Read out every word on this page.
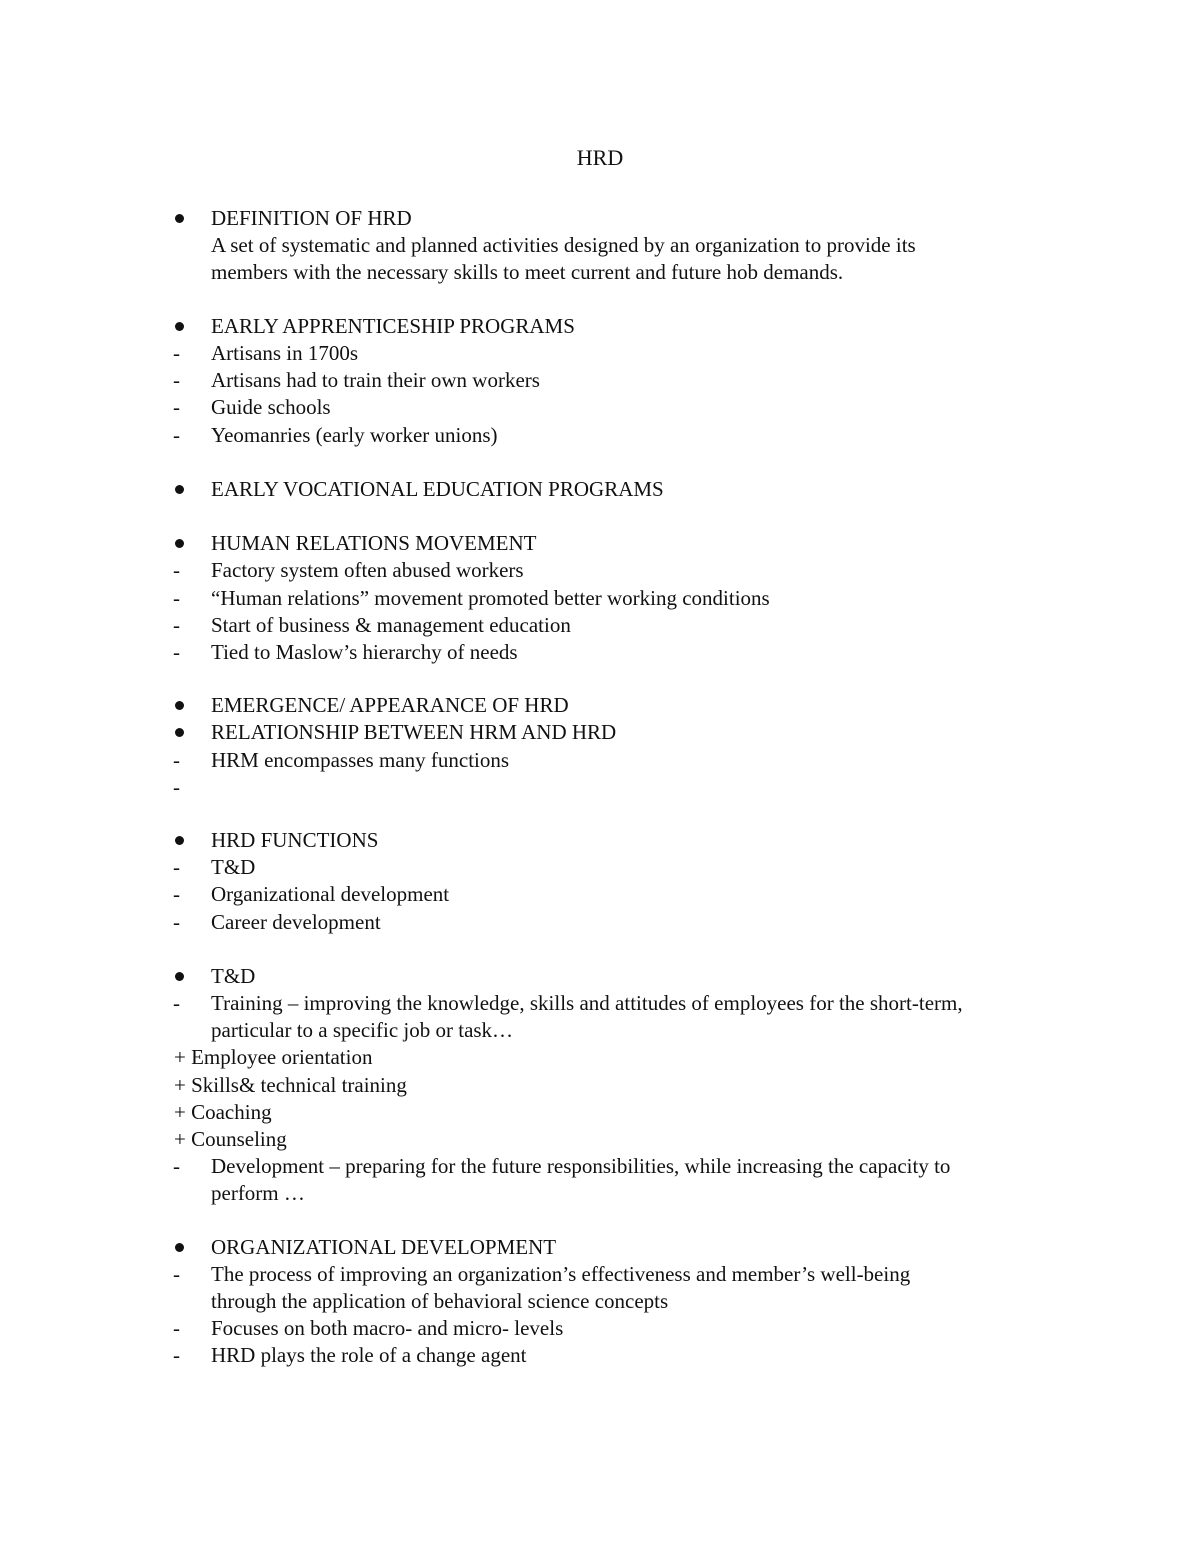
HRD
DEFINITION OF HRD
A set of systematic and planned activities designed by an organization to provide its
members with the necessary skills to meet current and future hob demands.
EARLY APPRENTICESHIP PROGRAMS
-	Artisans in 1700s
-	Artisans had to train their own workers
-	Guide schools
-	Yeomanries (early worker unions)
EARLY VOCATIONAL EDUCATION PROGRAMS
HUMAN RELATIONS MOVEMENT
-	Factory system often abused workers
-	“Human relations” movement promoted better working conditions
-	Start of business & management education
-	Tied to Maslow’s hierarchy of needs
EMERGENCE/ APPEARANCE OF HRD
RELATIONSHIP BETWEEN HRM AND HRD
-	HRM encompasses many functions
-
HRD FUNCTIONS
-	T&D
-	Organizational development
-	Career development
T&D
-	Training – improving the knowledge, skills and attitudes of employees for the short-term,
particular to a specific job or task…
+ Employee orientation
+ Skills& technical training
+ Coaching
+ Counseling
-	Development – preparing for the future responsibilities, while increasing the capacity to
perform …
ORGANIZATIONAL DEVELOPMENT
-	The process of improving an organization’s effectiveness and member’s well-being
through the application of behavioral science concepts
-	Focuses on both macro- and micro- levels
-	HRD plays the role of a change agent
